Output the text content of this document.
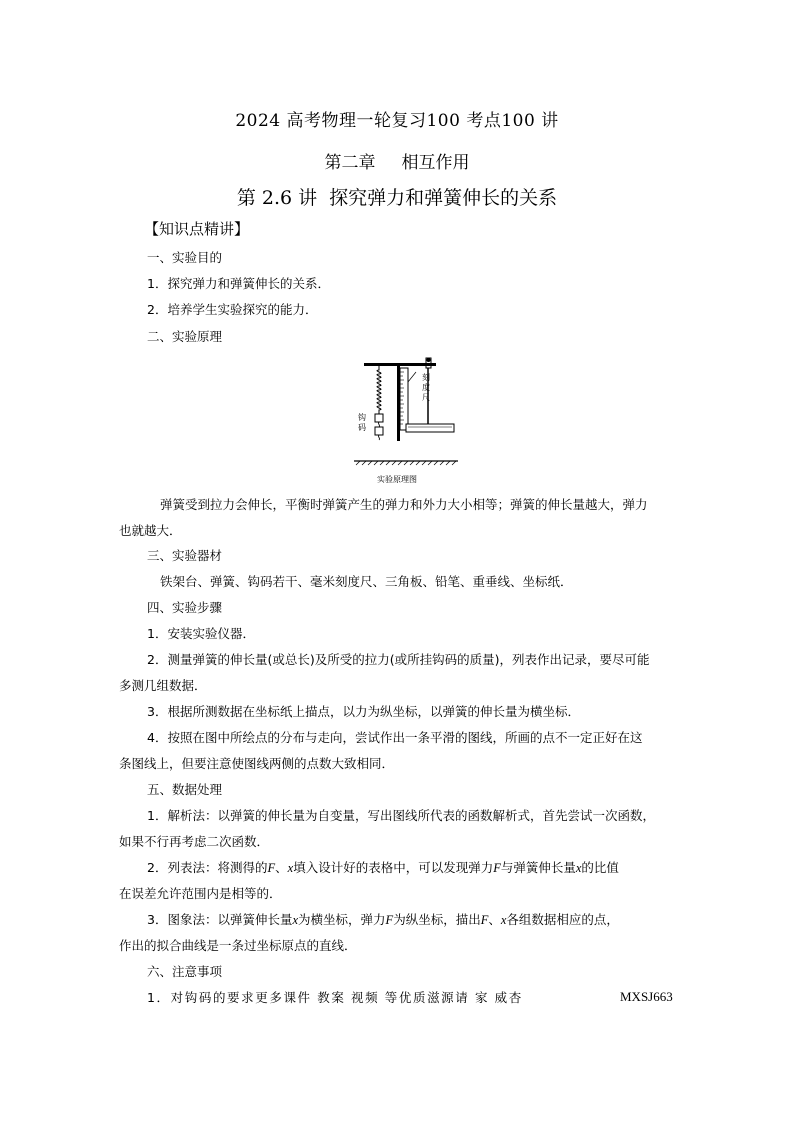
2024 高考物理一轮复习100 考点100 讲
第二章 相互作用
第 2.6 讲 探究弹力和弹簧伸长的关系
【知识点精讲】
一、实验目的
1．探究弹力和弹簧伸长的关系．
2．培养学生实验探究的能力．
二、实验原理
刻
度
尺
钩
码
实验原理图
弹簧受到拉力会伸长，平衡时弹簧产生的弹力和外力大小相等；弹簧的伸长量越大，弹力
也就越大．
三、实验器材
铁架台、弹簧、钩码若干、毫米刻度尺、三角板、铅笔、重垂线、坐标纸．
四、实验步骤
1．安装实验仪器．
2．测量弹簧的伸长量(或总长)及所受的拉力(或所挂钩码的质量)，列表作出记录，要尽可能
多测几组数据．
3．根据所测数据在坐标纸上描点，以力为纵坐标，以弹簧的伸长量为横坐标．
4．按照在图中所绘点的分布与走向，尝试作出一条平滑的图线，所画的点不一定正好在这
条图线上，但要注意使图线两侧的点数大致相同．
五、数据处理
1．解析法：以弹簧的伸长量为自变量，写出图线所代表的函数解析式，首先尝试一次函数，
如果不行再考虑二次函数．
2．列表法：将测得的F、x填入设计好的表格中，可以发现弹力F与弹簧伸长量x的比值
在误差允许范围内是相等的．
3．图象法：以弹簧伸长量x为横坐标，弹力F为纵坐标，描出F、x各组数据相应的点，
作出的拟合曲线是一条过坐标原点的直线．
六、注意事项
1．对钩码的要求更多课件 教案 视频 等优质滋源请 家 威杏	MXSJ663
